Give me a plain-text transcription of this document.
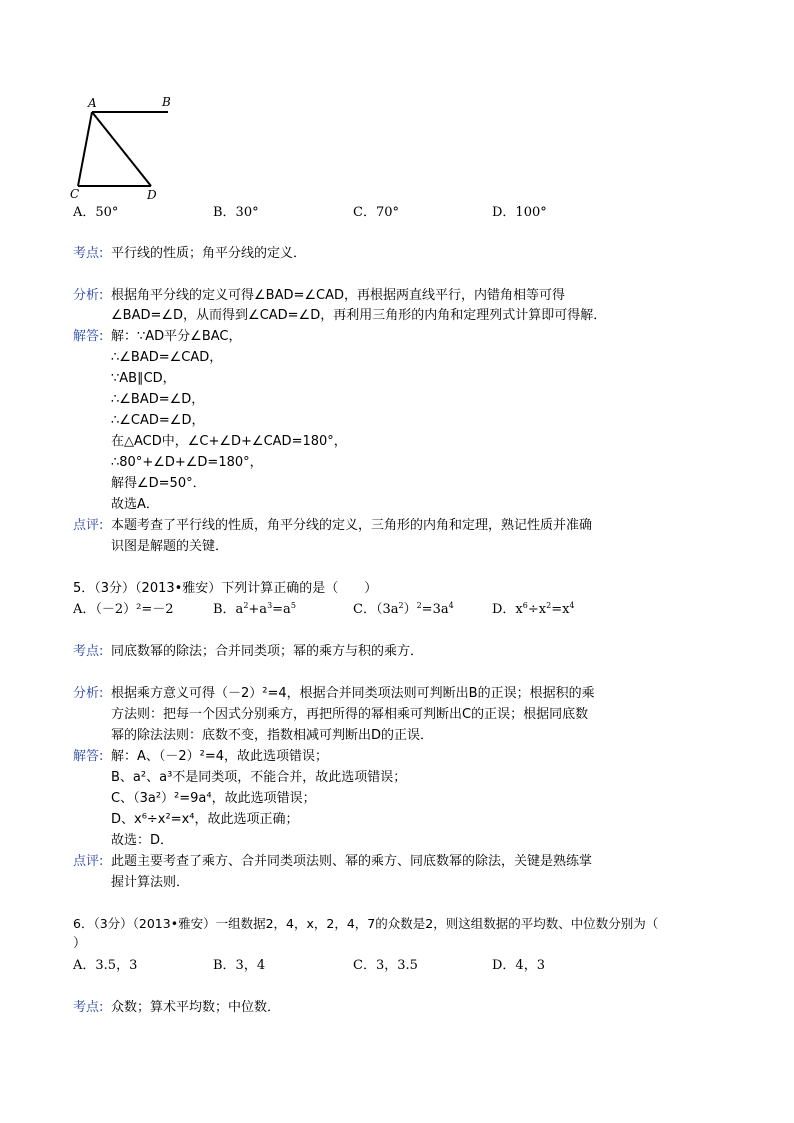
A	B
C	D
A．50°	B．30°	C．70°	D．100°
考点: 平行线的性质；角平分线的定义．
分析: 根据角平分线的定义可得∠BAD=∠CAD，再根据两直线平行，内错角相等可得
∠BAD=∠D，从而得到∠CAD=∠D，再利用三角形的内角和定理列式计算即可得解．
解答: 解：∵AD平分∠BAC，
∴∠BAD=∠CAD，
∵AB∥CD，
∴∠BAD=∠D，
∴∠CAD=∠D，
在△ACD中，∠C+∠D+∠CAD=180°，
∴80°+∠D+∠D=180°，
解得∠D=50°．
故选A．
点评: 本题考查了平行线的性质，角平分线的定义，三角形的内角和定理，熟记性质并准确
识图是解题的关键．
5．（3分）（2013•雅安）下列计算正确的是（　　）
A．（－2）²=－2	B．$a^2+a^3=a^5$	C．$(3a^2)^2=3a^4$	D．$x^6\div x^2=x^4$
考点: 同底数幂的除法；合并同类项；幂的乘方与积的乘方．
分析: 根据乘方意义可得（－2）²=4，根据合并同类项法则可判断出B的正误；根据积的乘
方法则：把每一个因式分别乘方，再把所得的幂相乘可判断出C的正误；根据同底数
幂的除法法则：底数不变，指数相减可判断出D的正误．
解答: 解：A、（－2）²=4，故此选项错误；
B、a²、a³不是同类项，不能合并，故此选项错误；
C、（3a²）²=9a⁴，故此选项错误；
D、x⁶÷x²=x⁴，故此选项正确；
故选：D．
点评: 此题主要考查了乘方、合并同类项法则、幂的乘方、同底数幂的除法，关键是熟练掌
握计算法则．
6．（3分）（2013•雅安）一组数据2，4，x，2，4，7的众数是2，则这组数据的平均数、中位数分别为（
）
A．3.5，3	B．3，4	C．3，3.5	D．4，3
考点: 众数；算术平均数；中位数．
